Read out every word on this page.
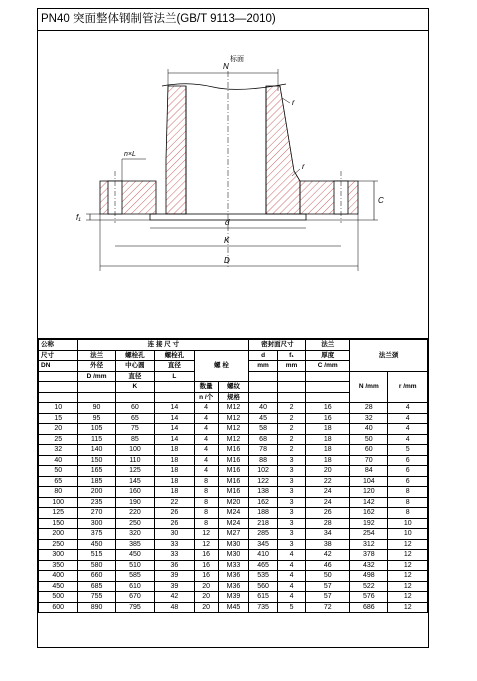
PN40 突面整体钢制管法兰(GB/T 9113—2010)
标面
N
r
r
n×L
f₁
C
d
K
D
公称	连 接 尺 寸					密封面尺寸		法兰	法兰颈	
尺寸	法兰	螺栓孔	螺栓孔	螺 栓		d	f₁	厚度		
DN	外径	中心圆	直径			mm	mm	C /mm		
	D /mm	直径	L						N /mm	r /mm
		K		数量	螺纹					
				n /个	规格					
10	90	60	14	4	M12	40	2	16	28	4
15	95	65	14	4	M12	45	2	16	32	4
20	105	75	14	4	M12	58	2	18	40	4
25	115	85	14	4	M12	68	2	18	50	4
32	140	100	18	4	M16	78	2	18	60	5
40	150	110	18	4	M16	88	3	18	70	6
50	165	125	18	4	M16	102	3	20	84	6
65	185	145	18	8	M16	122	3	22	104	6
80	200	160	18	8	M16	138	3	24	120	8
100	235	190	22	8	M20	162	3	24	142	8
125	270	220	26	8	M24	188	3	26	162	8
150	300	250	26	8	M24	218	3	28	192	10
200	375	320	30	12	M27	285	3	34	254	10
250	450	385	33	12	M30	345	3	38	312	12
300	515	450	33	16	M30	410	4	42	378	12
350	580	510	36	16	M33	465	4	46	432	12
400	660	585	39	16	M36	535	4	50	498	12
450	685	610	39	20	M36	560	4	57	522	12
500	755	670	42	20	M39	615	4	57	576	12
600	890	795	48	20	M45	735	5	72	686	12
